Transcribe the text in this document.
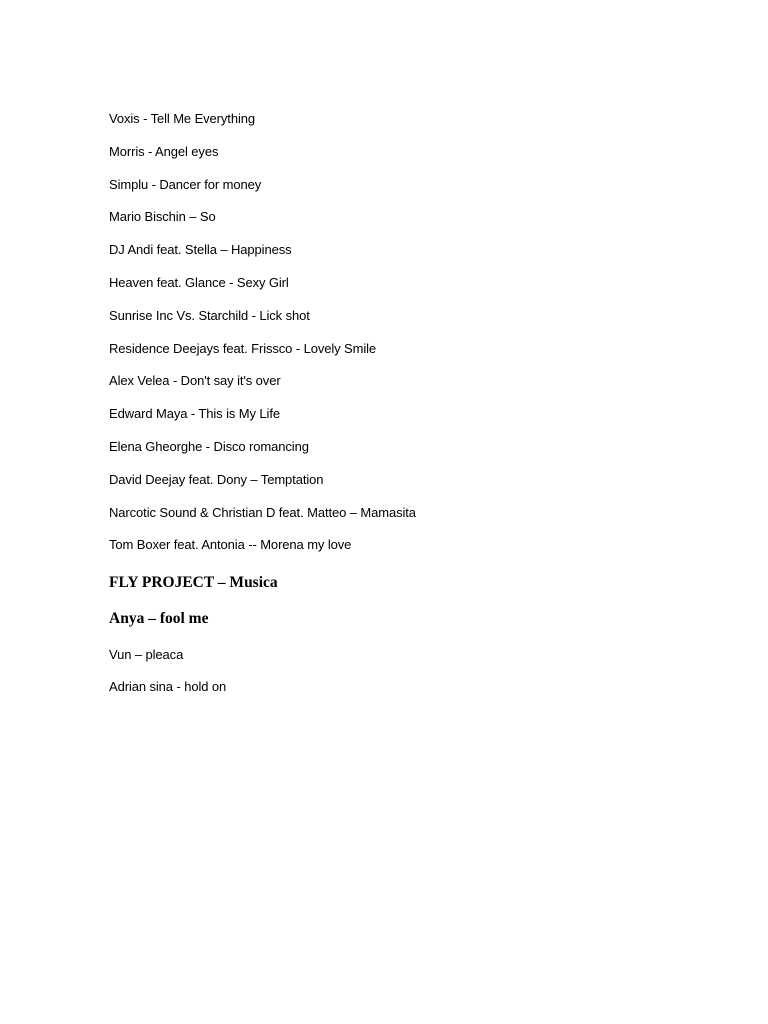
Voxis - Tell Me Everything
Morris - Angel eyes
Simplu - Dancer for money
Mario Bischin – So
DJ Andi feat. Stella – Happiness
Heaven feat. Glance - Sexy Girl
Sunrise Inc Vs. Starchild - Lick shot
Residence Deejays feat. Frissco - Lovely Smile
Alex Velea - Don't say it's over
Edward Maya - This is My Life
Elena Gheorghe - Disco romancing
David Deejay feat. Dony – Temptation
Narcotic Sound & Christian D feat. Matteo – Mamasita
Tom Boxer feat. Antonia -- Morena my love
FLY PROJECT – Musica
Anya – fool me
Vun – pleaca
Adrian sina - hold on
